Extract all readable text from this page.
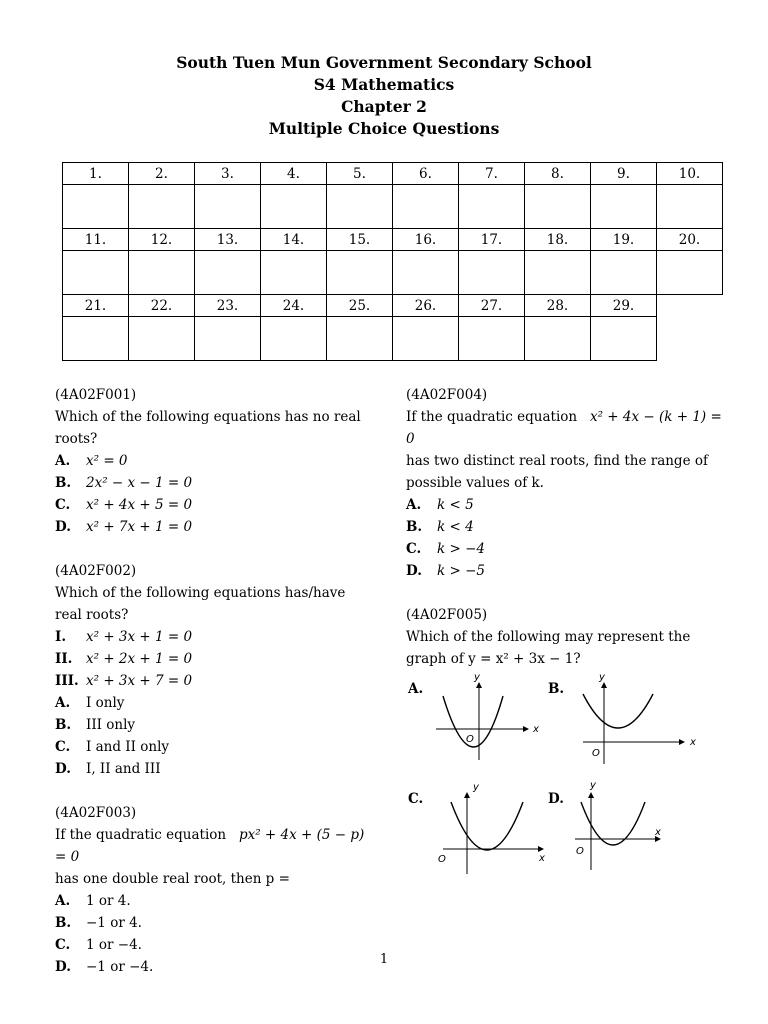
South Tuen Mun Government Secondary School
S4 Mathematics
Chapter 2
Multiple Choice Questions
1.	2.	3.	4.	5.	6.	7.	8.	9.	10.

11.	12.	13.	14.	15.	16.	17.	18.	19.	20.

21.	22.	23.	24.	25.	26.	27.	28.	29.	

(4A02F001)
Which of the following equations has no real roots?
A.	x² = 0
B.	2x² − x − 1 = 0
C.	x² + 4x + 5 = 0
D.	x² + 7x + 1 = 0
(4A02F002)
Which of the following equations has/have real roots?
I.	x² + 3x + 1 = 0
II.	x² + 2x + 1 = 0
III. x² + 3x + 7 = 0
A.	I only
B.	III only
C.	I and II only
D.	I, II and III
(4A02F003)
If the quadratic equation px² + 4x + (5 − p) = 0
has one double real root, then p =
A.	1 or 4.
B.	−1 or 4.
C.	1 or −4.
D.	−1 or −4.
(4A02F004)
If the quadratic equation x² + 4x − (k + 1) = 0
has two distinct real roots, find the range of possible values of k.
A.	k < 5
B.	k < 4
C.	k > −4
D.	k > −5
(4A02F005)
Which of the following may represent the graph of y = x² + 3x − 1?
A.
x
y
O
B.
x
y
O
C.
x
y
O
D.
x
y
O
1
